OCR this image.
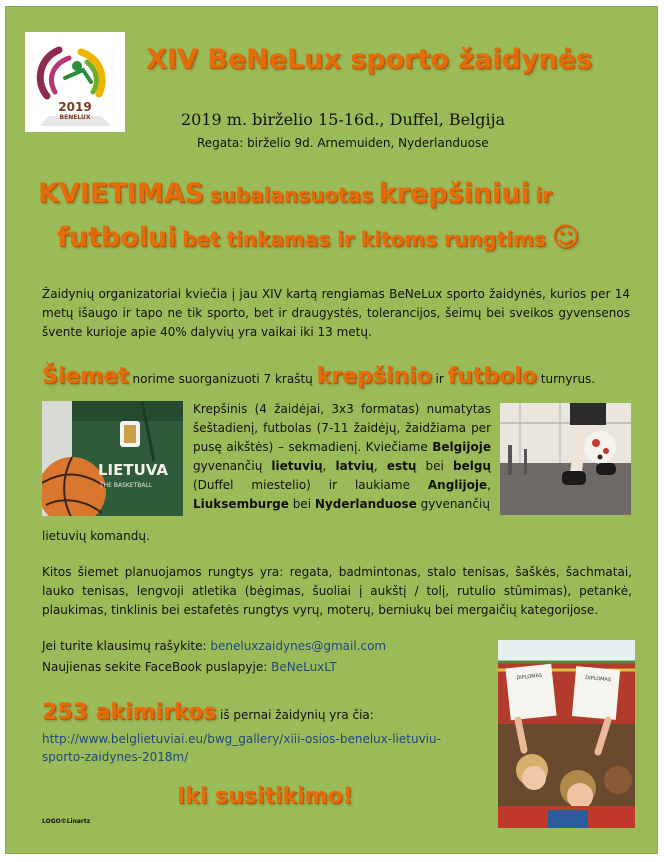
2019
BENELUX
XIV BeNeLux sporto žaidynės
2019 m. birželio 15-16d., Duffel, Belgija
Regata: birželio 9d. Arnemuiden, Nyderlanduose
KVIETIMAS subalansuotas krepšiniui ir
futbolui bet tinkamas ir kitoms rungtims ☺
Žaidynių organizatoriai kviečia į jau XIV kartą rengiamas BeNeLux sporto žaidynės, kurios per 14 metų išaugo ir tapo ne tik sporto, bet ir draugystės, tolerancijos, šeimų bei sveikos gyvensenos švente kurioje apie 40% dalyvių yra vaikai iki 13 metų.
Šiemet norime suorganizuoti 7 kraštų krepšinio ir futbolo turnyrus.
LIETUVA
THE BASKETBALL
Krepšinis (4 žaidėjai, 3x3 formatas) numatytas šeštadienį, futbolas (7-11 žaidėjų, žaidžiama per pusę aikštės) – sekmadienį. Kviečiame Belgijoje gyvenančių lietuvių, latvių, estų bei belgų (Duffel miestelio) ir laukiame Anglijoje, Liuksemburge bei Nyderlanduose gyvenančių
lietuvių komandų.
Kitos šiemet planuojamos rungtys yra: regata, badmintonas, stalo tenisas, šaškės, šachmatai, lauko tenisas, lengvoji atletika (bėgimas, šuoliai į aukštį / tolį, rutulio stūmimas), petankė, plaukimas, tinklinis bei estafetės rungtys vyrų, moterų, berniukų bei mergaičių kategorijose.
Jei turite klausimų rašykite: beneluxzaidynes@gmail.com
Naujienas sekite FaceBook puslapyje: BeNeLuxLT
DIPLOMAS	DIPLOMAS
253 akimirkos iš pernai žaidynių yra čia:
http://www.belglietuviai.eu/bwg_gallery/xiii-osios-benelux-lietuviu-sporto-zaidynes-2018m/
Iki susitikimo!
LOGO©Linartz
